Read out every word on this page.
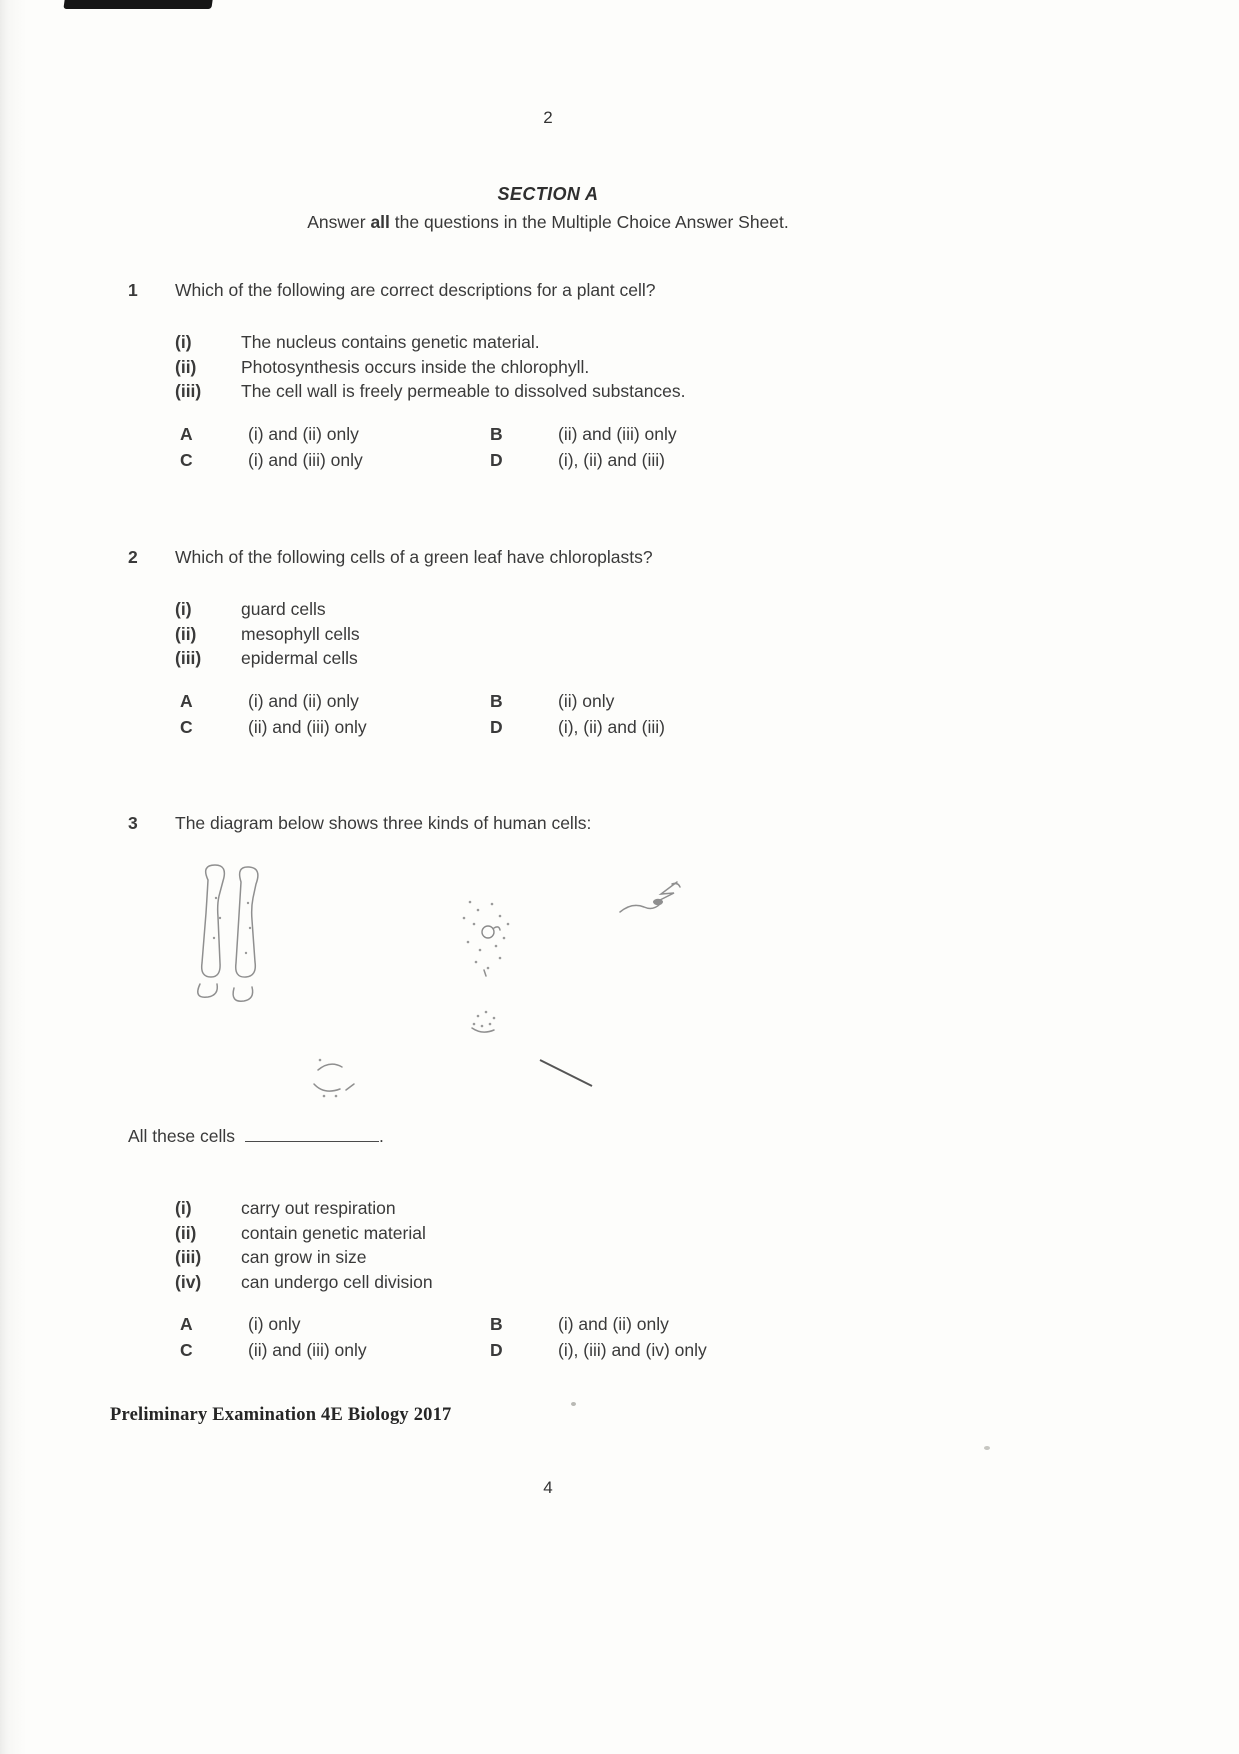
2
SECTION A
Answer all the questions in the Multiple Choice Answer Sheet.
1	Which of the following are correct descriptions for a plant cell?
(i)	The nucleus contains genetic material.
(ii)	Photosynthesis occurs inside the chlorophyll.
(iii)	The cell wall is freely permeable to dissolved substances.
A	(i) and (ii) only	B	(ii) and (iii) only
C	(i) and (iii) only	D	(i), (ii) and (iii)
2	Which of the following cells of a green leaf have chloroplasts?
(i)	guard cells
(ii)	mesophyll cells
(iii)	epidermal cells
A	(i) and (ii) only	B	(ii) only
C	(ii) and (iii) only	D	(i), (ii) and (iii)
3	The diagram below shows three kinds of human cells:
All these cells	.
(i)	carry out respiration
(ii)	contain genetic material
(iii)	can grow in size
(iv)	can undergo cell division
A	(i) only	B	(i) and (ii) only
C	(ii) and (iii) only	D	(i), (iii) and (iv) only
Preliminary Examination 4E Biology 2017
4
